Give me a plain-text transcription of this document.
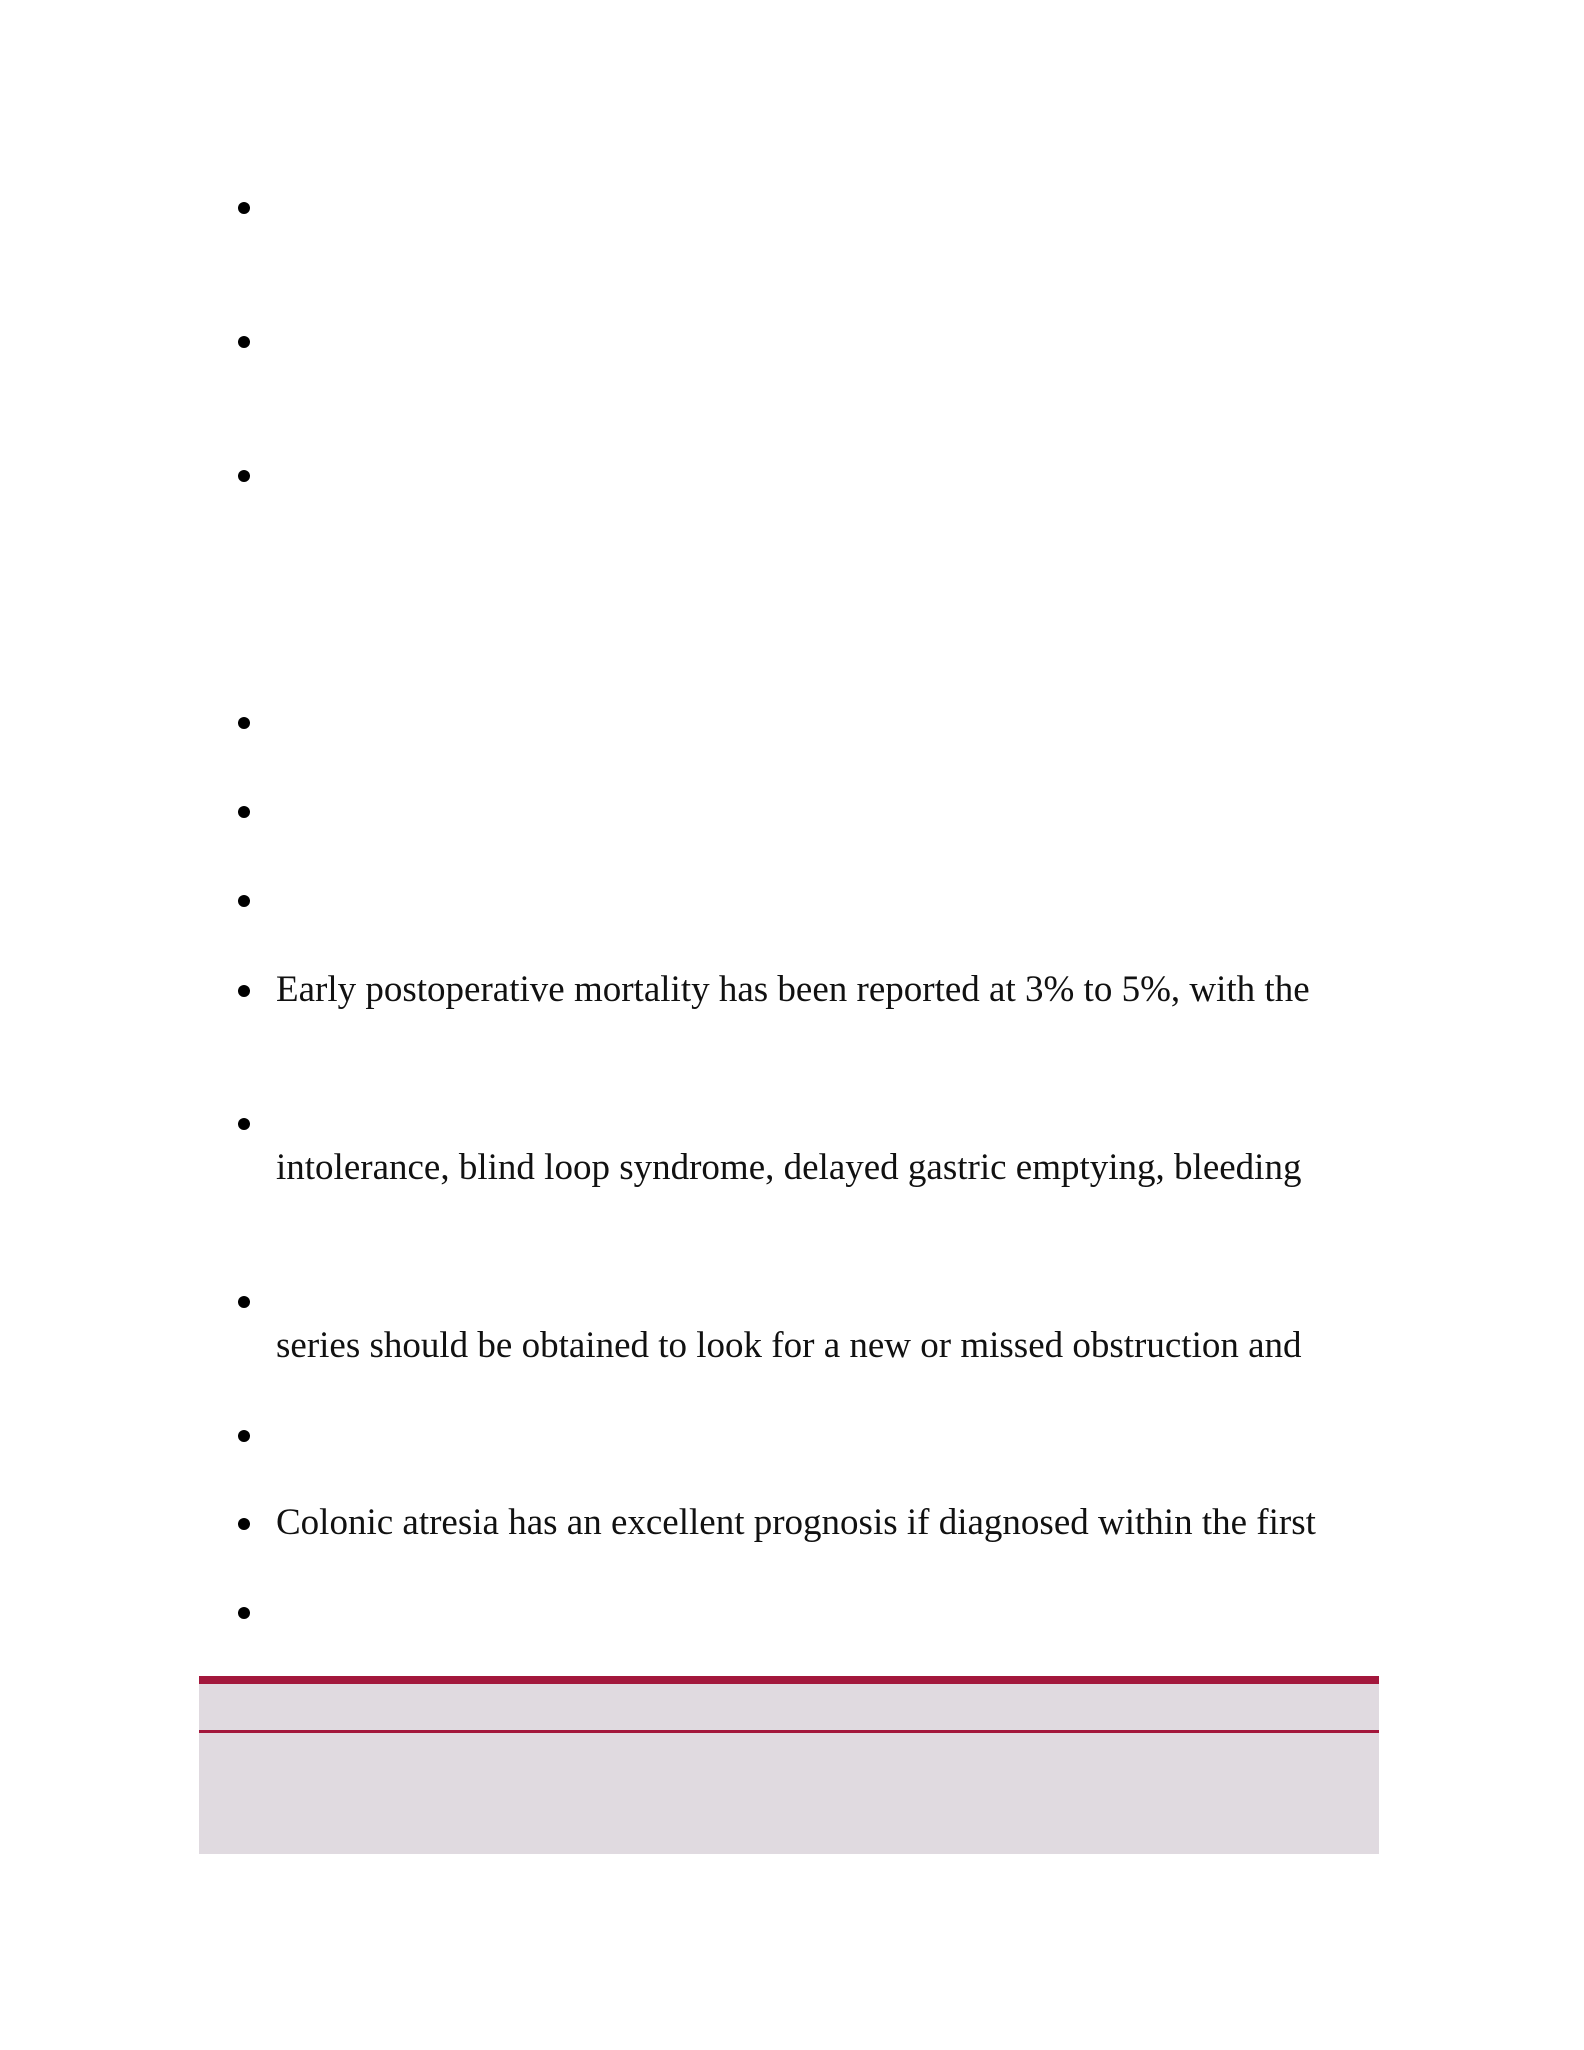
Early postoperative mortality has been reported at 3% to 5%, with the
intolerance, blind loop syndrome, delayed gastric emptying, bleeding
series should be obtained to look for a new or missed obstruction and
Colonic atresia has an excellent prognosis if diagnosed within the first
